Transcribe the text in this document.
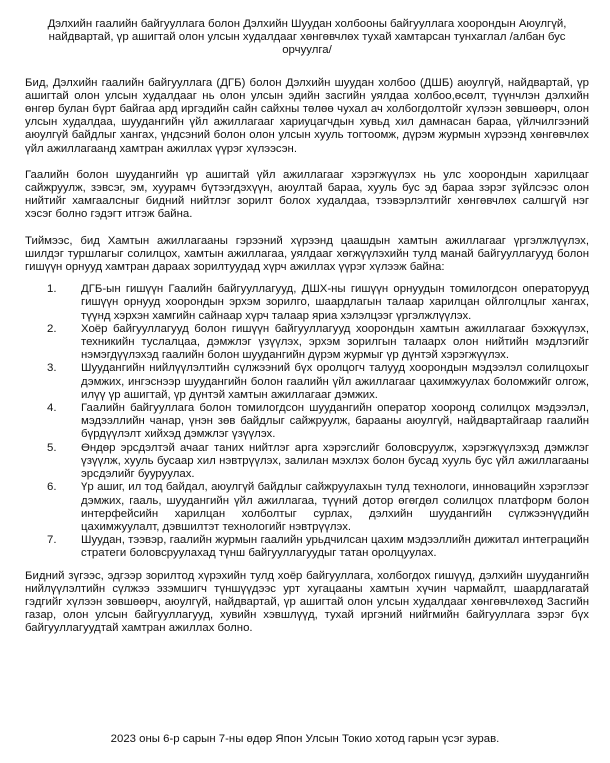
Дэлхийн гаалийн байгууллага болон Дэлхийн Шуудан холбооны байгууллага хоорондын Аюулгүй, найдвартай, үр ашигтай олон улсын худалдааг хөнгөвчлөх тухай хамтарсан тунхаглал /албан бус орчуулга/

Бид, Дэлхийн гаалийн байгууллага (ДГБ) болон Дэлхийн шуудан холбоо (ДШБ) аюулгүй, найдвартай, үр ашигтай олон улсын худалдааг нь олон улсын эдийн засгийн уялдаа холбоо,өсөлт, түүнчлэн дэлхийн өнгөр булан бүрт байгаа ард иргэдийн сайн сайхны төлөө чухал ач холбогдолтойг хүлээн зөвшөөрч, олон улсын худалдаа, шуудангийн үйл ажиллагааг хариуцагчдын хувьд хил дамнасан бараа, үйлчилгээний аюулгүй байдлыг хангах, үндсэний болон олон улсын хууль тогтоомж, дүрэм журмын хүрээнд хөнгөвчлөх үйл ажиллагаанд хамтран ажиллах үүрэг хүлээсэн.

Гаалийн болон шуудангийн үр ашигтай үйл ажиллагааг хэрэгжүүлэх нь улс хоорондын харилцааг сайжруулж, зэвсэг, эм, хуурамч бүтээгдэхүүн, аюултай бараа, хууль бус эд бараа зэрэг зүйлсээс олон нийтийг хамгаалсныг бидний нийтлэг зорилт болох худалдаа, тээвэрлэлтийг хөнгөвчлөх салшгүй нэг хэсэг болно гэдэгт итгэж байна.

Тиймээс, бид Хамтын ажиллагааны гэрээний хүрээнд цаашдын хамтын ажиллагааг үргэлжлүүлэх, шилдэг туршлагыг солилцох, хамтын ажиллагаа, уялдааг хөгжүүлэхийн тулд манай байгууллагууд болон гишүүн орнууд хамтран дараах зорилтуудад хүрч ажиллах үүрэг хүлээж байна:

1. ДГБ-ын гишүүн Гаалийн байгууллагууд, ДШХ-ны гишүүн орнуудын томилогдсон операторууд гишүүн орнууд хоорондын эрхэм зорилго, шаардлагын талаар харилцан ойлголцлыг хангах, түүнд хэрхэн хамгийн сайнаар хүрч талаар яриа хэлэлцээг үргэлжлүүлэх.
2. Хоёр байгууллагууд болон гишүүн байгууллагууд хоорондын хамтын ажиллагааг бэхжүүлэх, техникийн туслалцаа, дэмжлэг үзүүлэх, эрхэм зорилгын талаарх олон нийтийн мэдлэгийг нэмэгдүүлэхэд гаалийн болон шуудангийн дүрэм журмыг үр дүнтэй хэрэгжүүлэх.
3. Шуудангийн нийлүүлэлтийн сүлжээний бүх оролцогч талууд хоорондын мэдээлэл солилцохыг дэмжих, ингэснээр шуудангийн болон гаалийн үйл ажиллагааг цахимжуулах боломжийг олгож, илүү үр ашигтай, үр дүнтэй хамтын ажиллагааг дэмжих.
4. Гаалийн байгууллага болон томилогдсон шуудангийн оператор хооронд солилцох мэдээлэл, мэдээллийн чанар, үнэн зөв байдлыг сайжруулж, барааны аюулгүй, найдвартайгаар гаалийн бүрдүүлэлт хийхэд дэмжлэг үзүүлэх.
5. Өндөр эрсдэлтэй ачааг таних нийтлэг арга хэрэгслийг боловсруулж, хэрэгжүүлэхэд дэмжлэг үзүүлж, хууль бусаар хил нэвтрүүлэх, залилан мэхлэх болон бусад хууль бус үйл ажиллагааны эрсдэлийг бууруулах.
6. Үр ашиг, ил тод байдал, аюулгүй байдлыг сайжруулахын тулд технологи, инновацийн хэрэглээг дэмжих, гааль, шуудангийн үйл ажиллагаа, түүний дотор өгөгдөл солилцох платформ болон интерфейсийн харилцан холболтыг сурлах, дэлхийн шуудангийн сүлжээнүүдийн цахимжуулалт, дэвшилтэт технологийг нэвтрүүлэх.
7. Шуудан, тээвэр, гаалийн журмын гаалийн урьдчилсан цахим мэдээллийн дижитал интеграцийн стратеги боловсруулахад түнш байгууллагуудыг татан оролцуулах.

Бидний зүгээс, эдгээр зорилтод хүрэхийн тулд хоёр байгууллага, холбогдох гишүүд, дэлхийн шуудангийн нийлүүлэлтийн сүлжээ эзэмшигч түншүүдээс урт хугацааны хамтын хүчин чармайлт, шаардлагатай гэдгийг хүлээн зөвшөөрч, аюулгүй, найдвартай, үр ашигтай олон улсын худалдааг хөнгөвчлөхөд Засгийн газар, олон улсын байгууллагууд, хувийн хэвшлүүд, тухай иргэний нийгмийн байгууллага зэрэг бүх байгууллагуудтай хамтран ажиллах болно.

2023 оны 6-р сарын 7-ны өдөр Япон Улсын Токио хотод гарын үсэг зурав.
